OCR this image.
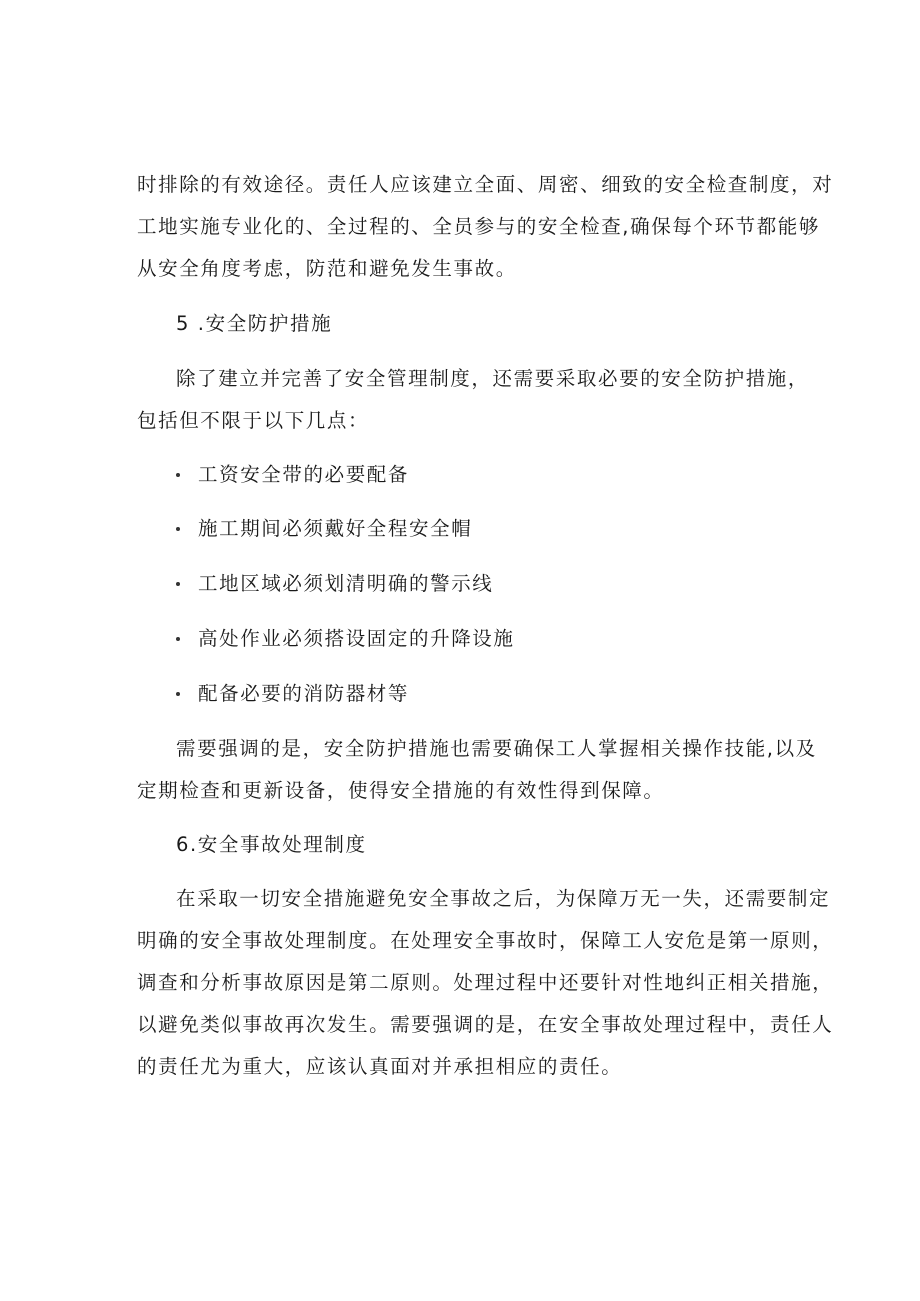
时排除的有效途径。责任人应该建立全面、周密、细致的安全检查制度，对
工地实施专业化的、全过程的、全员参与的安全检查,确保每个环节都能够
从安全角度考虑，防范和避免发生事故。
5 .安全防护措施
除了建立并完善了安全管理制度，还需要采取必要的安全防护措施，
包括但不限于以下几点：
工资安全带的必要配备
施工期间必须戴好全程安全帽
工地区域必须划清明确的警示线
高处作业必须搭设固定的升降设施
配备必要的消防器材等
需要强调的是，安全防护措施也需要确保工人掌握相关操作技能,以及
定期检查和更新设备，使得安全措施的有效性得到保障。
6.安全事故处理制度
在采取一切安全措施避免安全事故之后，为保障万无一失，还需要制定
明确的安全事故处理制度。在处理安全事故时，保障工人安危是第一原则，
调查和分析事故原因是第二原则。处理过程中还要针对性地纠正相关措施，
以避免类似事故再次发生。需要强调的是，在安全事故处理过程中，责任人
的责任尤为重大，应该认真面对并承担相应的责任。
